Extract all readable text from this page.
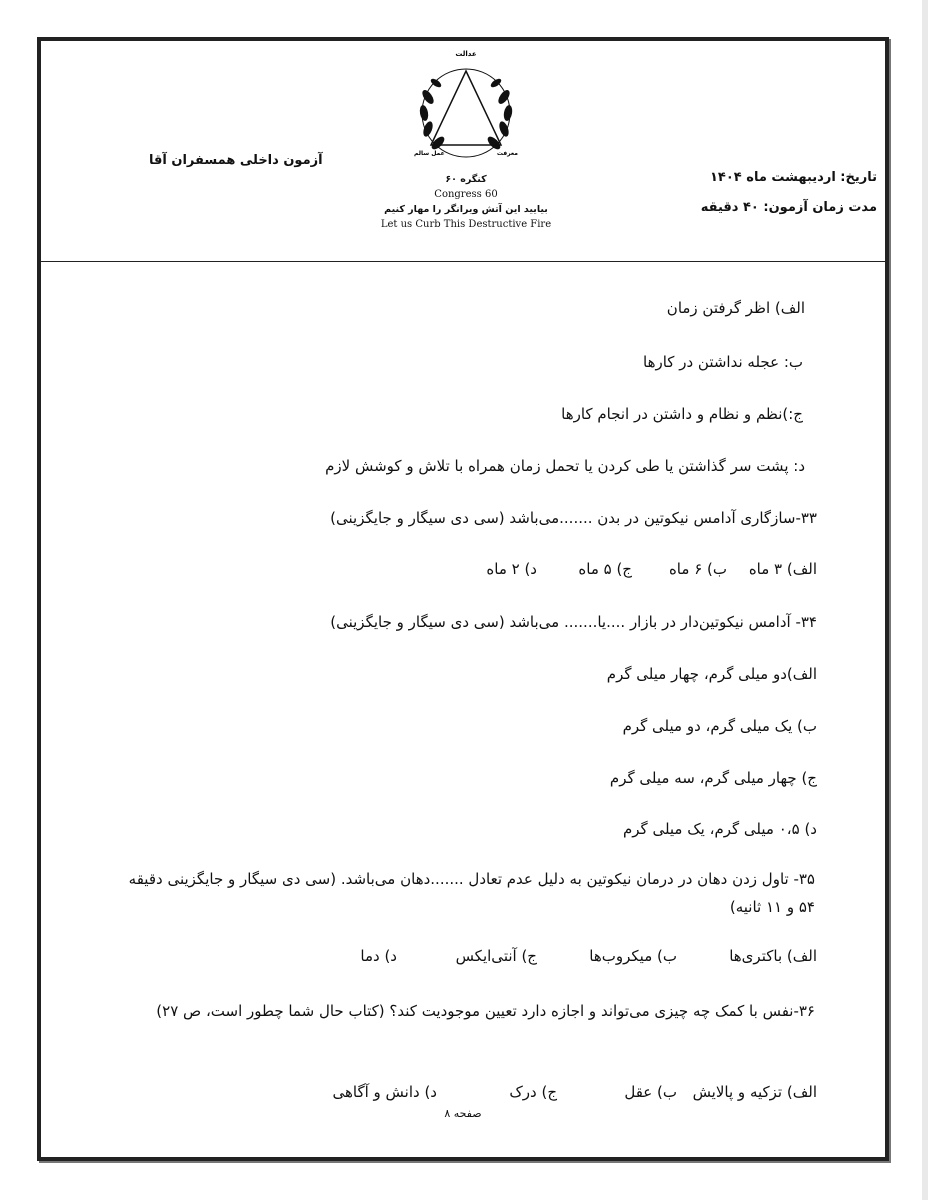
آزمون داخلی همسفران آقا
عدالت
عمل سالم	معرفت
کنگره ۶۰
Congress 60
بیایید این آتش ویرانگر را مهار کنیم
Let us Curb This Destructive Fire
تاریخ: اردیبهشت ماه ۱۴۰۴
مدت زمان آزمون: ۴۰ دقیقه
الف) اظر گرفتن زمان
ب: عجله نداشتن در کارها
ج:)نظم و نظام و داشتن در انجام کارها
د: پشت سر گذاشتن یا طی کردن یا تحمل زمان همراه با تلاش و کوشش لازم
۳۳-سازگاری آدامس نیکوتین در بدن .......می‌باشد (سی دی سیگار و جایگزینی)
الف) ۳ ماه
ب) ۶ ماه
ج) ۵ ماه
د) ۲ ماه
۳۴- آدامس نیکوتین‌دار در بازار ....یا....... می‌باشد (سی دی سیگار و جایگزینی)
الف)دو میلی گرم، چهار میلی گرم
ب) یک میلی گرم، دو میلی گرم
ج) چهار میلی گرم، سه میلی گرم
د) ۰،۵ میلی گرم، یک میلی گرم
۳۵- تاول زدن دهان در درمان نیکوتین به دلیل عدم تعادل .......دهان می‌باشد. (سی دی سیگار و جایگزینی دقیقه ۵۴ و ۱۱ ثانیه)
الف) باکتری‌ها
ب) میکروب‌ها
ج) آنتی‌ایکس
د) دما
۳۶-نفس با کمک چه چیزی می‌تواند و اجازه دارد تعیین موجودیت کند؟ (کتاب حال شما چطور است، ص ۲۷)
الف) تزکیه و پالایش
ب) عقل
ج) درک
د) دانش و آگاهی
صفحه ۸
